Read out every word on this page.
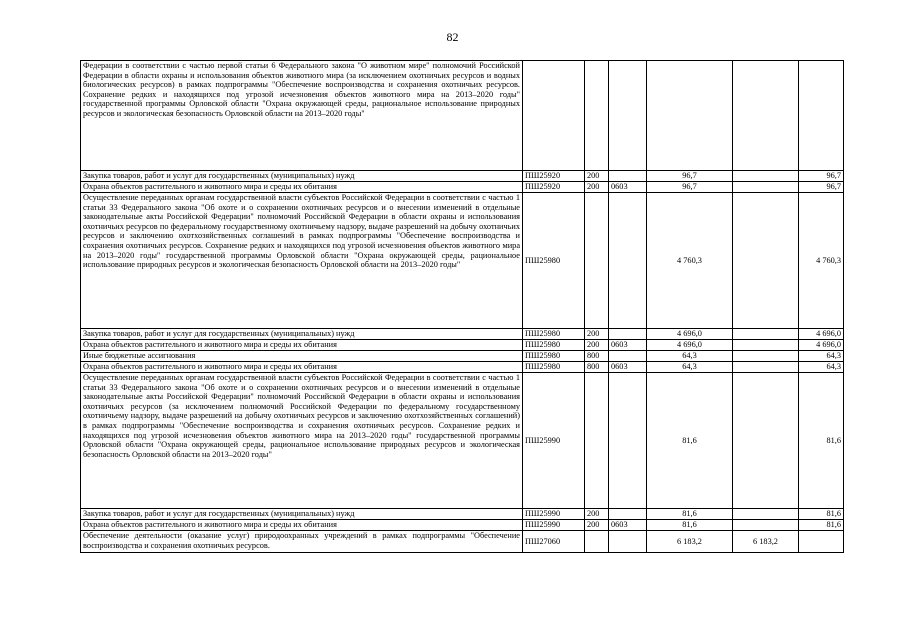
82
Федерации в соответствии с частью первой статьи 6 Федерального закона "О животном мире" полномочий Российской Федерации в области охраны и использования объектов животного мира (за исключением охотничьих ресурсов и водных биологических ресурсов) в рамках подпрограммы "Обеспечение воспроизводства и сохранения охотничьих ресурсов. Сохранение редких и находящихся под угрозой исчезновения объектов животного мира на 2013–2020 годы" государственной программы Орловской области "Охрана окружающей среды, рациональное использование природных ресурсов и экологическая безопасность Орловской области на 2013–2020 годы"						
Закупка товаров, работ и услуг для государственных (муниципальных) нужд	ПШ25920	200		96,7		96,7
Охрана объектов растительного и животного мира и среды их обитания	ПШ25920	200	0603	96,7		96,7
Осуществление переданных органам государственной власти субъектов Российской Федерации в соответствии с частью 1 статьи 33 Федерального закона "Об охоте и о сохранении охотничьих ресурсов и о внесении изменений в отдельные законодательные акты Российской Федерации" полномочий Российской Федерации в области охраны и использования охотничьих ресурсов по федеральному государственному охотничьему надзору, выдаче разрешений на добычу охотничьих ресурсов и заключению охотхозяйственных соглашений в рамках подпрограммы "Обеспечение воспроизводства и сохранения охотничьих ресурсов. Сохранение редких и находящихся под угрозой исчезновения объектов животного мира на 2013–2020 годы" государственной программы Орловской области "Охрана окружающей среды, рациональное использование природных ресурсов и экологическая безопасность Орловской области на 2013–2020 годы"	ПШ25980			4 760,3		4 760,3
Закупка товаров, работ и услуг для государственных (муниципальных) нужд	ПШ25980	200		4 696,0		4 696,0
Охрана объектов растительного и животного мира и среды их обитания	ПШ25980	200	0603	4 696,0		4 696,0
Иные бюджетные ассигнования	ПШ25980	800		64,3		64,3
Охрана объектов растительного и животного мира и среды их обитания	ПШ25980	800	0603	64,3		64,3
Осуществление переданных органам государственной власти субъектов Российской Федерации в соответствии с частью 1 статьи 33 Федерального закона "Об охоте и о сохранении охотничьих ресурсов и о внесении изменений в отдельные законодательные акты Российской Федерации" полномочий Российской Федерации в области охраны и использования охотничьих ресурсов (за исключением полномочий Российской Федерации по федеральному государственному охотничьему надзору, выдаче разрешений на добычу охотничьих ресурсов и заключению охотхозяйственных соглашений) в рамках подпрограммы "Обеспечение воспроизводства и сохранения охотничьих ресурсов. Сохранение редких и находящихся под угрозой исчезновения объектов животного мира на 2013–2020 годы" государственной программы Орловской области "Охрана окружающей среды, рациональное использование природных ресурсов и экологическая безопасность Орловской области на 2013–2020 годы"	ПШ25990			81,6		81,6
Закупка товаров, работ и услуг для государственных (муниципальных) нужд	ПШ25990	200		81,6		81,6
Охрана объектов растительного и животного мира и среды их обитания	ПШ25990	200	0603	81,6		81,6
Обеспечение деятельности (оказание услуг) природоохранных учреждений в рамках подпрограммы "Обеспечение воспроизводства и сохранения охотничьих ресурсов.	ПШ27060			6 183,2	6 183,2	
